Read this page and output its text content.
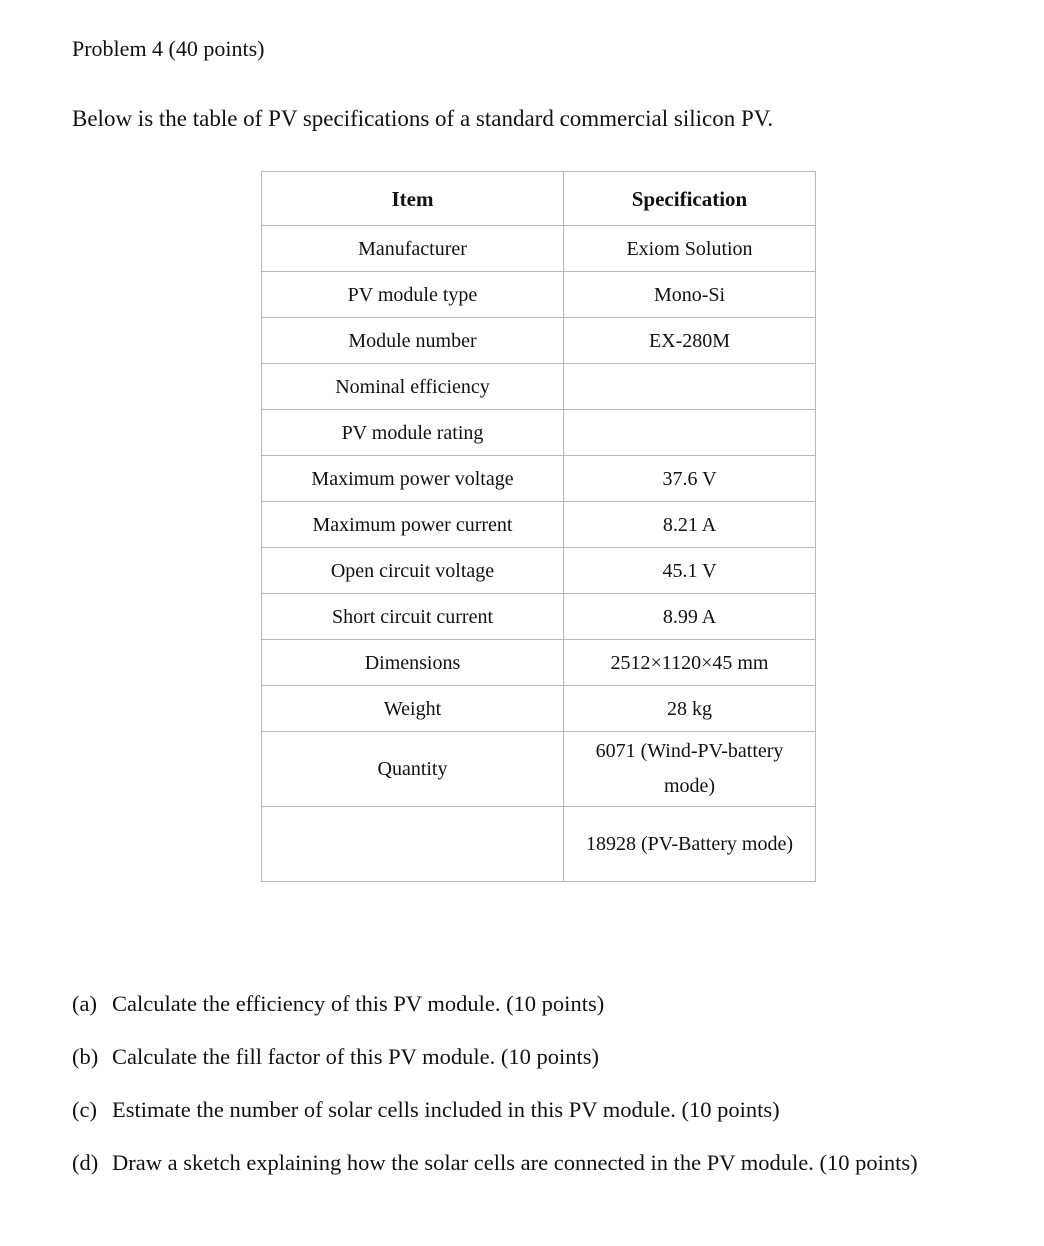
Problem 4 (40 points)

Below is the table of PV specifications of a standard commercial silicon PV.

Item	Specification
Manufacturer	Exiom Solution
PV module type	Mono-Si
Module number	EX-280M
Nominal efficiency	
PV module rating	
Maximum power voltage	37.6 V
Maximum power current	8.21 A
Open circuit voltage	45.1 V
Short circuit current	8.99 A
Dimensions	2512×1120×45 mm
Weight	28 kg
Quantity	6071 (Wind-PV-battery mode)
	18928 (PV-Battery mode)
(a) Calculate the efficiency of this PV module. (10 points)
(b) Calculate the fill factor of this PV module. (10 points)
(c) Estimate the number of solar cells included in this PV module. (10 points)
(d) Draw a sketch explaining how the solar cells are connected in the PV module. (10 points)
